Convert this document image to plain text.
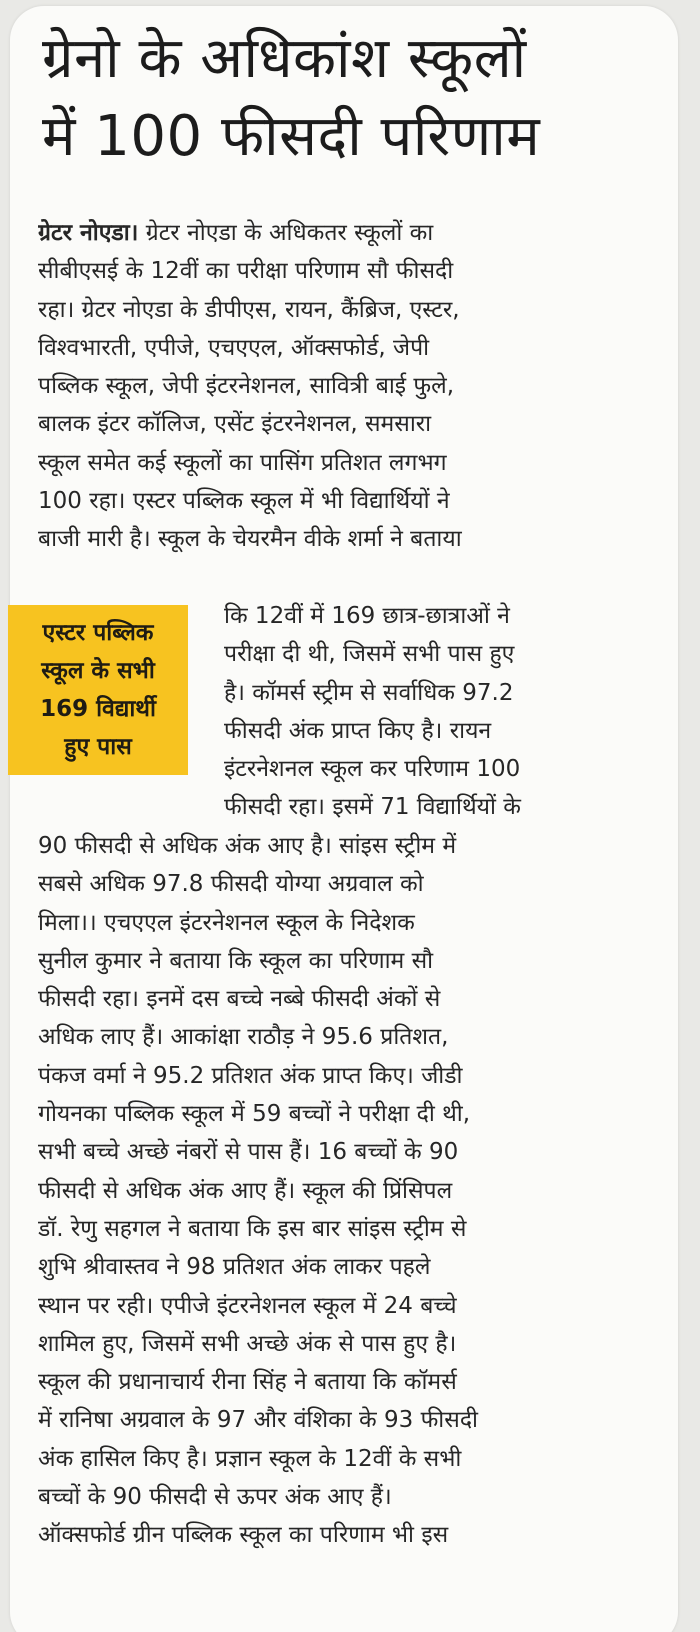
ग्रेनो के अधिकांश स्कूलों
में 100 फीसदी परिणाम
ग्रेटर नोएडा। ग्रेटर नोएडा के अधिकतर स्कूलों का
सीबीएसई के 12वीं का परीक्षा परिणाम सौ फीसदी
रहा। ग्रेटर नोएडा के डीपीएस, रायन, कैंब्रिज, एस्टर,
विश्वभारती, एपीजे, एचएएल, ऑक्सफोर्ड, जेपी
पब्लिक स्कूल, जेपी इंटरनेशनल, सावित्री बाई फुले,
बालक इंटर कॉलिज, एसेंट इंटरनेशनल, समसारा
स्कूल समेत कई स्कूलों का पासिंग प्रतिशत लगभग
100 रहा। एस्टर पब्लिक स्कूल में भी विद्यार्थियों ने
बाजी मारी है। स्कूल के चेयरमैन वीके शर्मा ने बताया
एस्टर पब्लिक
स्कूल के सभी
169 विद्यार्थी
हुए पास
कि 12वीं में 169 छात्र-छात्राओं ने
परीक्षा दी थी, जिसमें सभी पास हुए
है। कॉमर्स स्ट्रीम से सर्वाधिक 97.2
फीसदी अंक प्राप्त किए है। रायन
इंटरनेशनल स्कूल कर परिणाम 100
फीसदी रहा। इसमें 71 विद्यार्थियों के
90 फीसदी से अधिक अंक आए है। सांइस स्ट्रीम में
सबसे अधिक 97.8 फीसदी योग्या अग्रवाल को
मिला।। एचएएल इंटरनेशनल स्कूल के निदेशक
सुनील कुमार ने बताया कि स्कूल का परिणाम सौ
फीसदी रहा। इनमें दस बच्चे नब्बे फीसदी अंकों से
अधिक लाए हैं। आकांक्षा राठौड़ ने 95.6 प्रतिशत,
पंकज वर्मा ने 95.2 प्रतिशत अंक प्राप्त किए। जीडी
गोयनका पब्लिक स्कूल में 59 बच्चों ने परीक्षा दी थी,
सभी बच्चे अच्छे नंबरों से पास हैं। 16 बच्चों के 90
फीसदी से अधिक अंक आए हैं। स्कूल की प्रिंसिपल
डॉ. रेणु सहगल ने बताया कि इस बार सांइस स्ट्रीम से
शुभि श्रीवास्तव ने 98 प्रतिशत अंक लाकर पहले
स्थान पर रही। एपीजे इंटरनेशनल स्कूल में 24 बच्चे
शामिल हुए, जिसमें सभी अच्छे अंक से पास हुए है।
स्कूल की प्रधानाचार्य रीना सिंह ने बताया कि कॉमर्स
में रानिषा अग्रवाल के 97 और वंशिका के 93 फीसदी
अंक हासिल किए है। प्रज्ञान स्कूल के 12वीं के सभी
बच्चों के 90 फीसदी से ऊपर अंक आए हैं।
ऑक्सफोर्ड ग्रीन पब्लिक स्कूल का परिणाम भी इस
